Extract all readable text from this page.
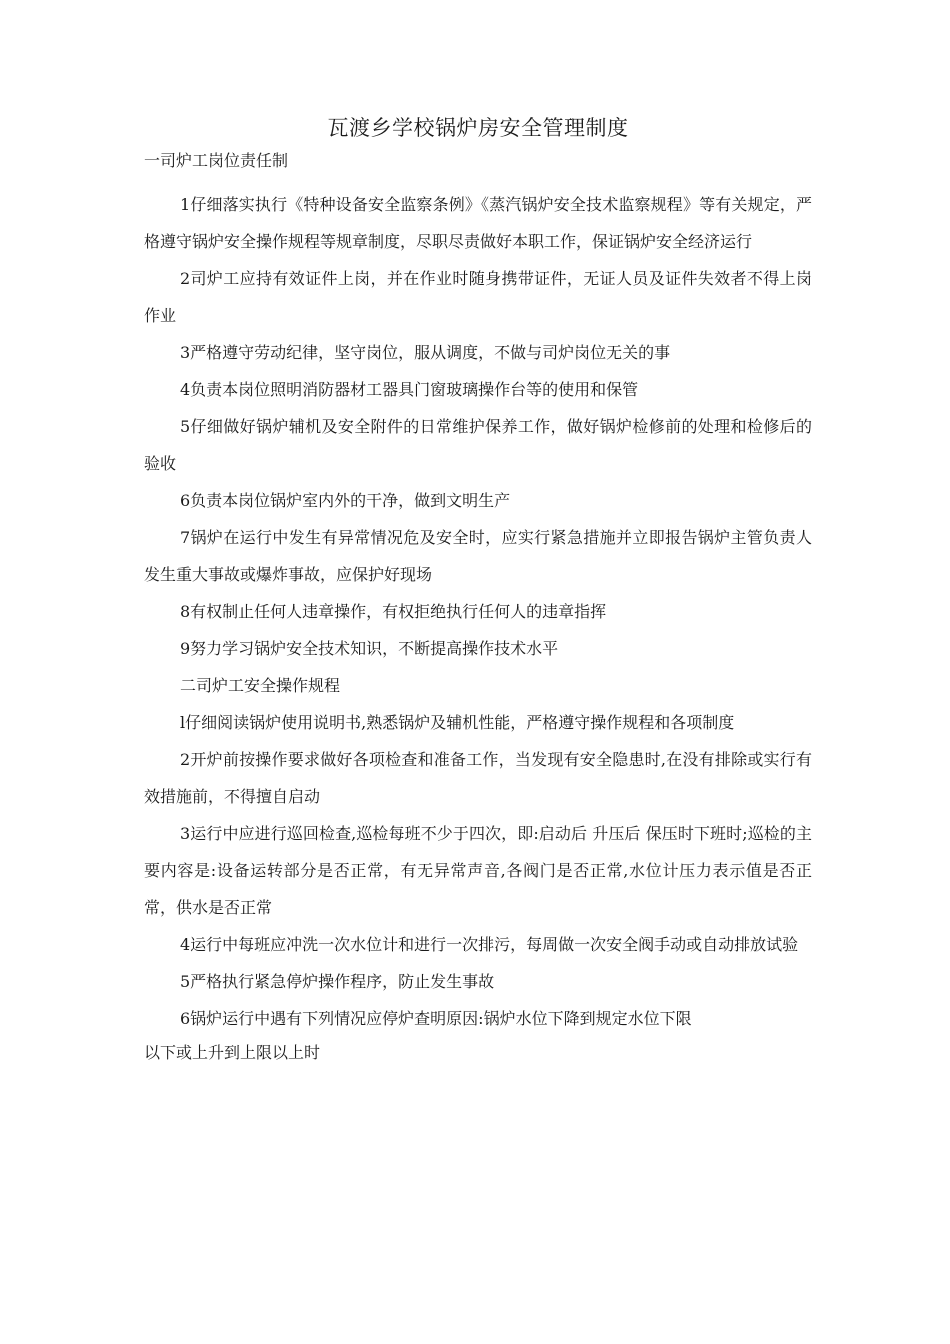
瓦渡乡学校锅炉房安全管理制度

一司炉工岗位责任制

1仔细落实执行《特种设备安全监察条例》《蒸汽锅炉安全技术监察规程》等有关规定，严格遵守锅炉安全操作规程等规章制度，尽职尽责做好本职工作，保证锅炉安全经济运行

2司炉工应持有效证件上岗，并在作业时随身携带证件，无证人员及证件失效者不得上岗作业

3严格遵守劳动纪律，坚守岗位，服从调度，不做与司炉岗位无关的事

4负责本岗位照明消防器材工器具门窗玻璃操作台等的使用和保管

5仔细做好锅炉辅机及安全附件的日常维护保养工作，做好锅炉检修前的处理和检修后的验收

6负责本岗位锅炉室内外的干净，做到文明生产

7锅炉在运行中发生有异常情况危及安全时，应实行紧急措施并立即报告锅炉主管负责人发生重大事故或爆炸事故，应保护好现场

8有权制止任何人违章操作，有权拒绝执行任何人的违章指挥

9努力学习锅炉安全技术知识，不断提高操作技术水平

二司炉工安全操作规程

l仔细阅读锅炉使用说明书,熟悉锅炉及辅机性能，严格遵守操作规程和各项制度

2开炉前按操作要求做好各项检查和准备工作，当发现有安全隐患时,在没有排除或实行有效措施前，不得擅自启动

3运行中应进行巡回检查,巡检每班不少于四次，即:启动后 升压后 保压时下班时;巡检的主要内容是:设备运转部分是否正常，有无异常声音,各阀门是否正常,水位计压力表示值是否正常，供水是否正常

4运行中每班应冲洗一次水位计和进行一次排污，每周做一次安全阀手动或自动排放试验

5严格执行紧急停炉操作程序，防止发生事故

6锅炉运行中遇有下列情况应停炉查明原因:锅炉水位下降到规定水位下限

以下或上升到上限以上时
